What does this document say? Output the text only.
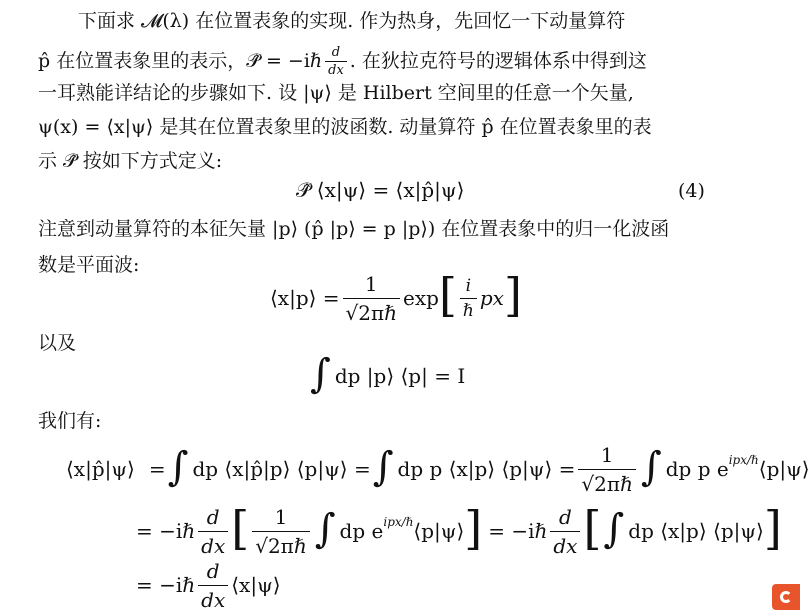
下面求 𝓜(λ) 在位置表象的实现. 作为热身，先回忆一下动量算符
p̂ 在位置表象里的表示，𝒫̂ = −iℏ $\frac{d}{dx}$ . 在狄拉克符号的逻辑体系中得到这
一耳熟能详结论的步骤如下. 设 |ψ⟩ 是 Hilbert 空间里的任意一个矢量,
ψ(x) = ⟨x|ψ⟩ 是其在位置表象里的波函数. 动量算符 p̂ 在位置表象里的表
示 𝒫̂ 按如下方式定义:
𝒫̂ ⟨x|ψ⟩ = ⟨x|p̂|ψ⟩	(4)
注意到动量算符的本征矢量 |p⟩ (p̂ |p⟩ = p |p⟩) 在位置表象中的归一化波函
数是平面波:
⟨x|p⟩ = $\frac{1}{\text{√2πℏ}}$ exp [ $\frac{i}{\text{ℏ}}$ px ]
以及
∫ dp |p⟩ ⟨p| = I
我们有:
⟨x|p̂|ψ⟩ = ∫ dp ⟨x|p̂|p⟩ ⟨p|ψ⟩ = ∫ dp p ⟨x|p⟩ ⟨p|ψ⟩ = $\frac{1}{\text{√2πℏ}}$ ∫ dp p e ipx/ℏ ⟨p|ψ⟩
= −iℏ $\frac{d}{dx}$ [ $\frac{1}{\text{√2πℏ}}$ ∫ dp e ipx/ℏ ⟨p|ψ⟩ ] = −iℏ $\frac{d}{dx}$ [ ∫ dp ⟨x|p⟩ ⟨p|ψ⟩ ]
= −iℏ $\frac{d}{dx}$ ⟨x|ψ⟩
